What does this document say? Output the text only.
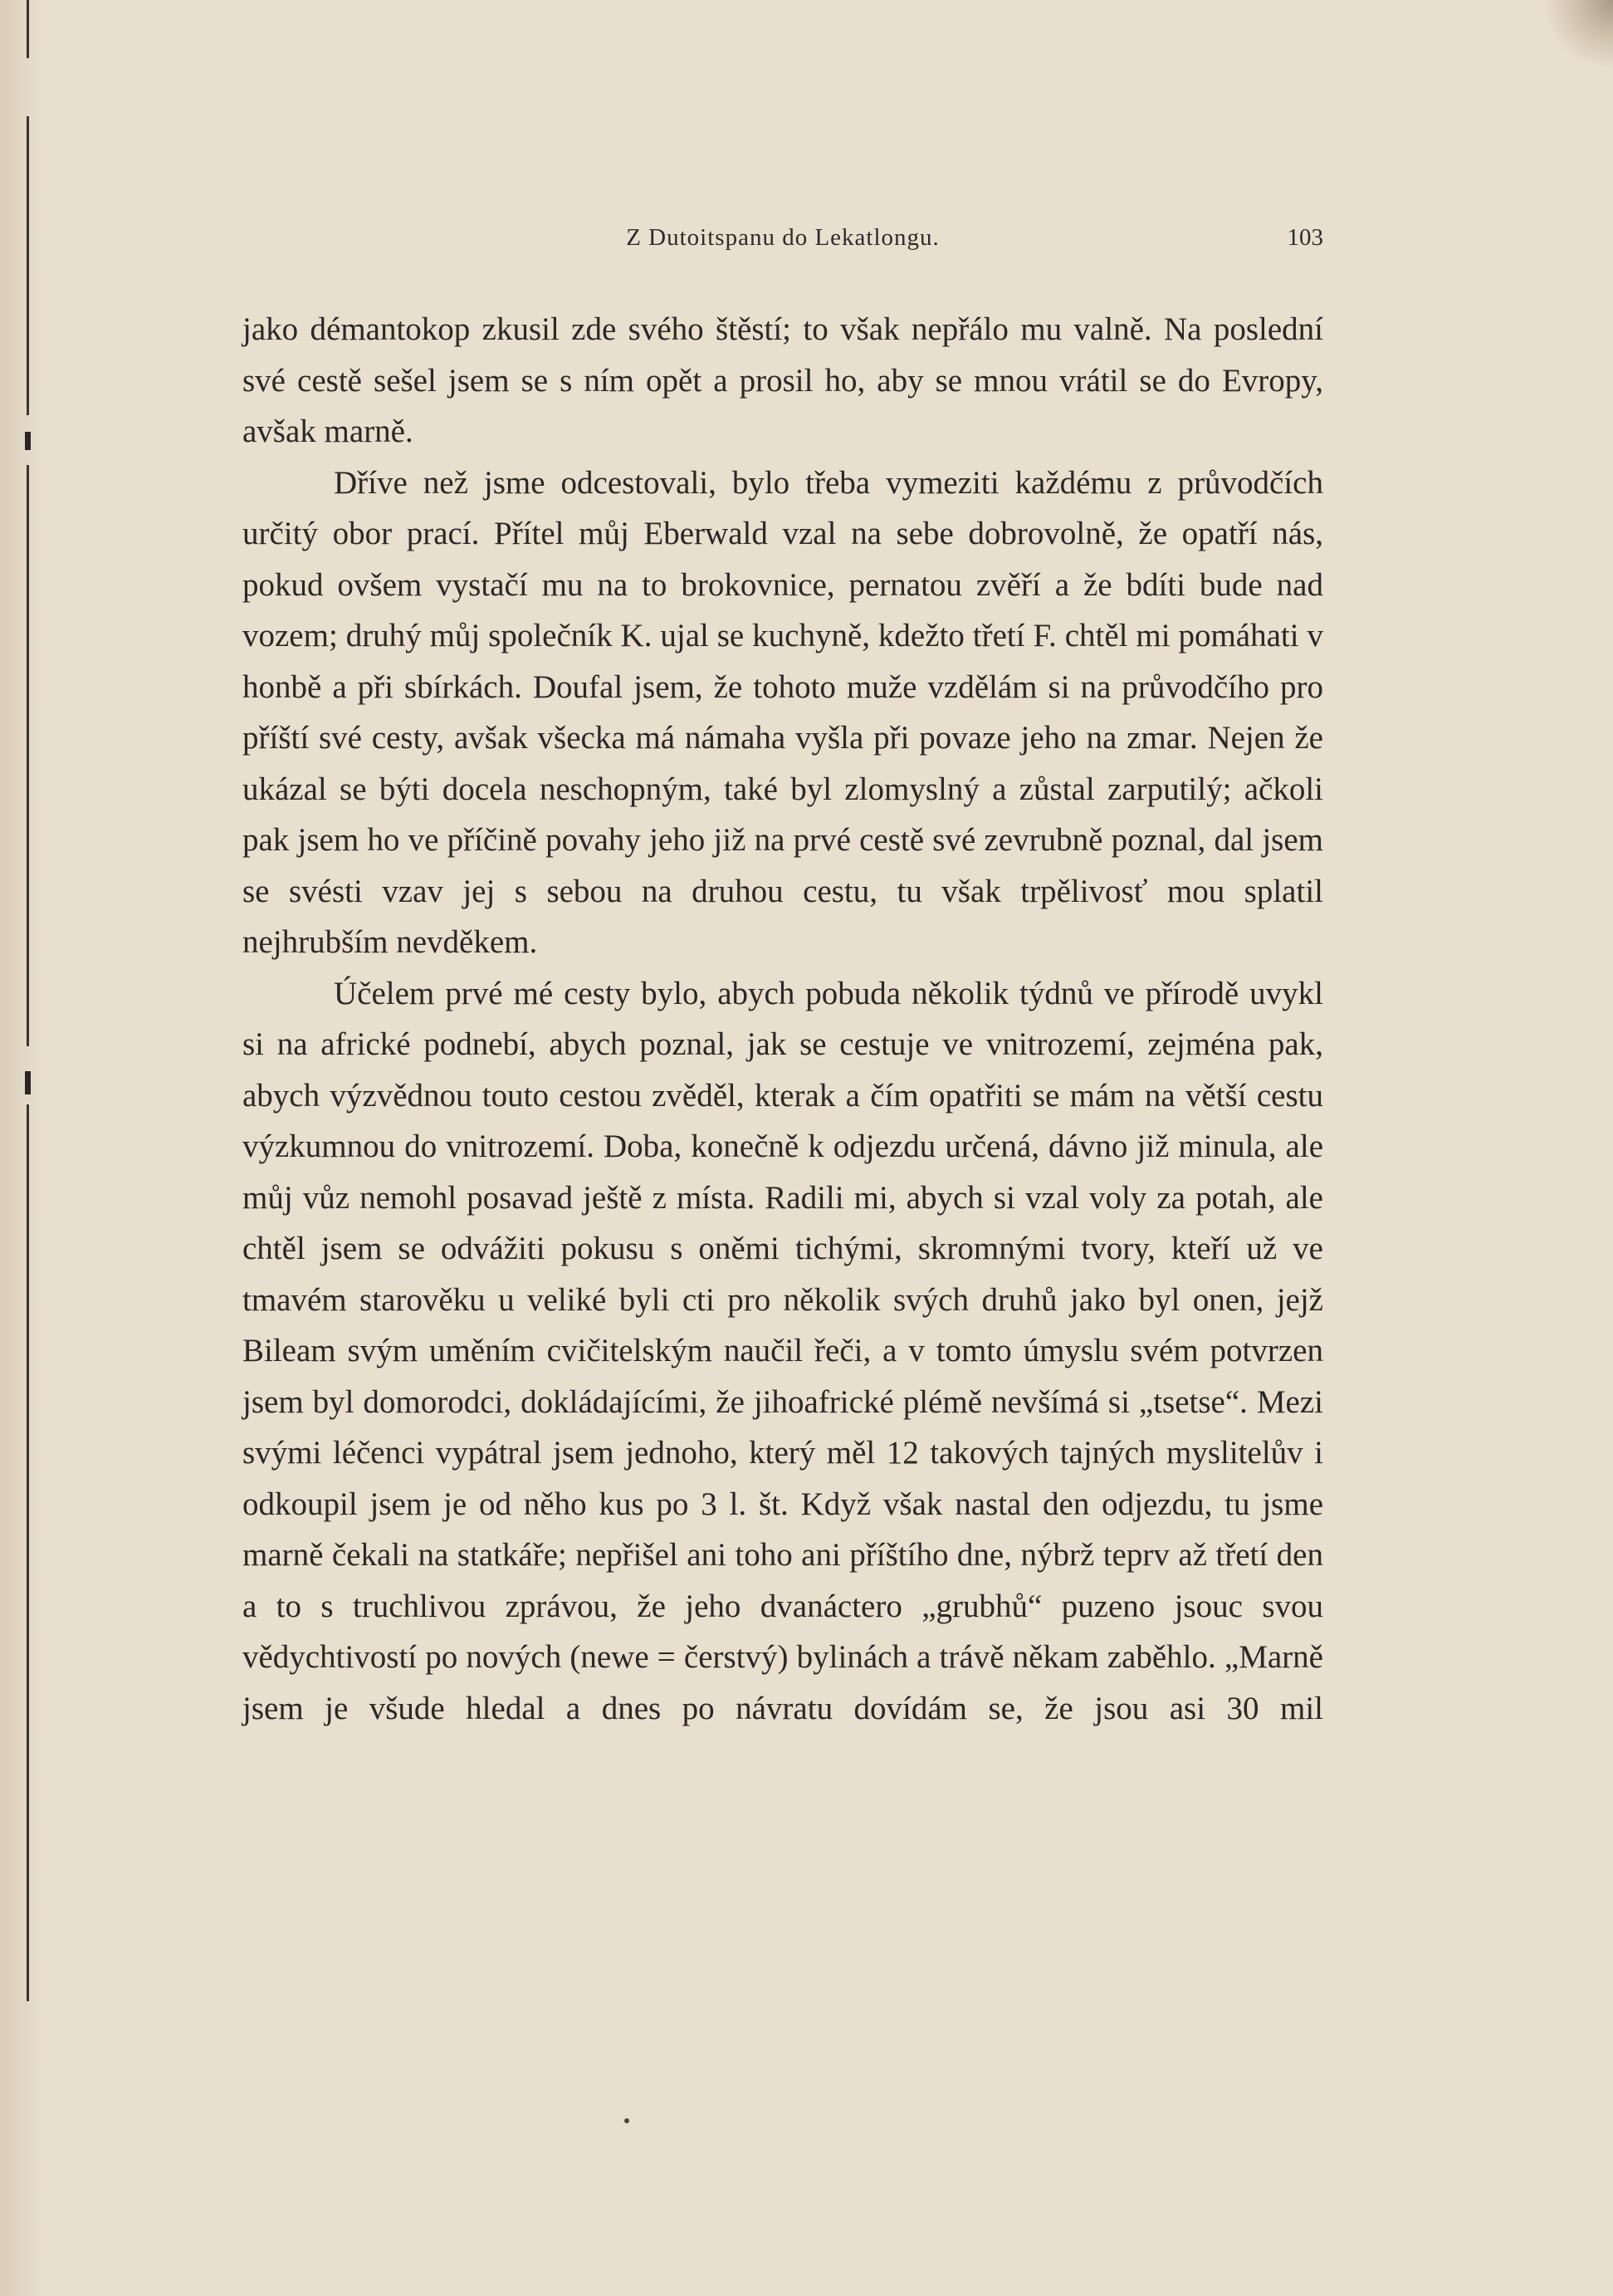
Z Dutoitspanu do Lekatlongu.	103

jako démantokop zkusil zde svého štěstí; to však nepřálo mu valně. Na poslední své cestě sešel jsem se s ním opět a prosil ho, aby se mnou vrátil se do Evropy, avšak marně.

Dříve než jsme odcestovali, bylo třeba vymeziti každému z průvodčích určitý obor prací. Přítel můj Eberwald vzal na sebe dobrovolně, že opatří nás, pokud ovšem vystačí mu na to brokovnice, pernatou zvěří a že bdíti bude nad vozem; druhý můj společník K. ujal se kuchyně, kdežto třetí F. chtěl mi pomáhati v honbě a při sbírkách. Doufal jsem, že tohoto muže vzdělám si na průvodčího pro příští své cesty, avšak všecka má námaha vyšla při povaze jeho na zmar. Nejen že ukázal se býti docela neschopným, také byl zlomyslný a zůstal zarputilý; ačkoli pak jsem ho ve příčině povahy jeho již na prvé cestě své zevrubně poznal, dal jsem se svésti vzav jej s sebou na druhou cestu, tu však trpělivosť mou splatil nejhrubším nevděkem.

Účelem prvé mé cesty bylo, abych pobuda několik týdnů ve přírodě uvykl si na africké podnebí, abych poznal, jak se cestuje ve vnitrozemí, zejména pak, abych výzvědnou touto cestou zvěděl, kterak a čím opatřiti se mám na větší cestu výzkumnou do vnitrozemí. Doba, konečně k odjezdu určená, dávno již minula, ale můj vůz nemohl posavad ještě z místa. Radili mi, abych si vzal voly za potah, ale chtěl jsem se odvážiti pokusu s oněmi tichými, skromnými tvory, kteří už ve tmavém starověku u veliké byli cti pro několik svých druhů jako byl onen, jejž Bileam svým uměním cvičitelským naučil řeči, a v tomto úmyslu svém potvrzen jsem byl domorodci, dokládajícími, že jihoafrické plémě nevšímá si „tsetse“. Mezi svými léčenci vypátral jsem jednoho, který měl 12 takových tajných myslitelův i odkoupil jsem je od něho kus po 3 l. št. Když však nastal den odjezdu, tu jsme marně čekali na statkáře; nepřišel ani toho ani příštího dne, nýbrž teprv až třetí den a to s truchlivou zprávou, že jeho dvanáctero „grubhů“ puzeno jsouc svou vědychtivostí po nových (newe = čerstvý) bylinách a trávě někam zaběhlo. „Marně jsem je všude hledal a dnes po návratu dovídám se, že jsou asi 30 mil
